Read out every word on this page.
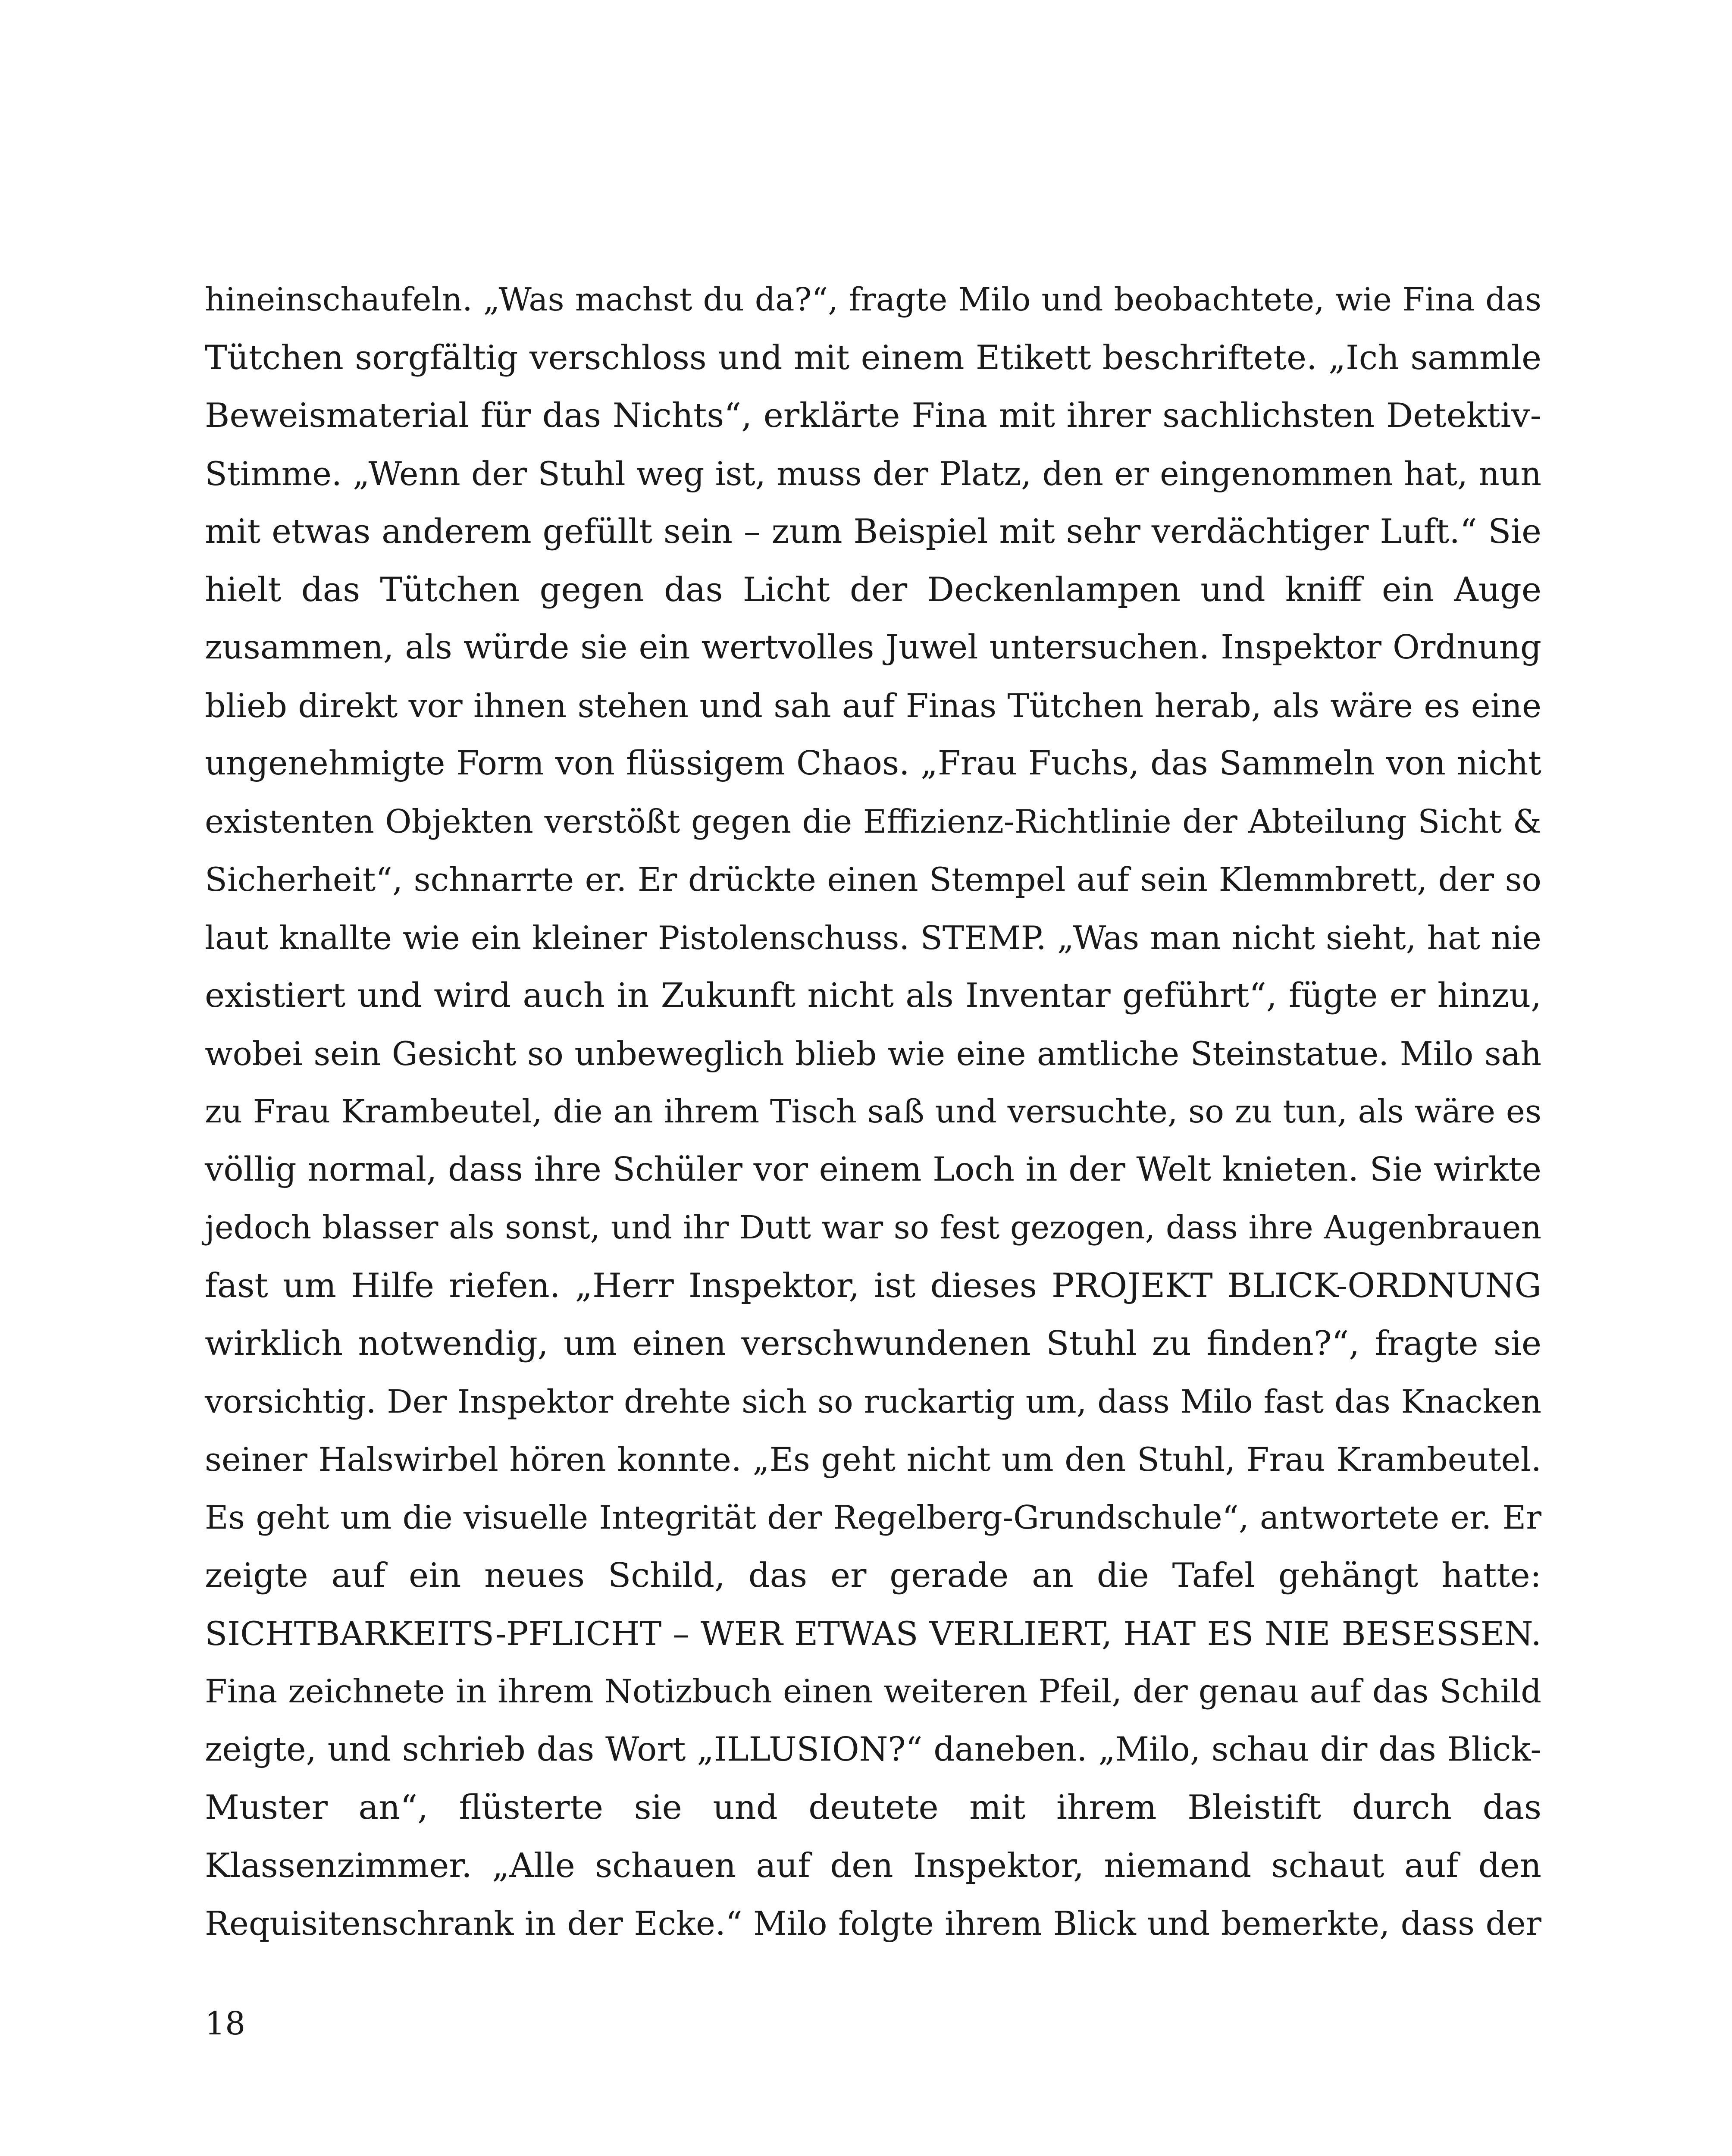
hineinschaufeln. „Was machst du da?“, fragte Milo und beobachtete, wie Fina das
Tütchen sorgfältig verschloss und mit einem Etikett beschriftete. „Ich sammle
Beweismaterial für das Nichts“, erklärte Fina mit ihrer sachlichsten Detektiv-
Stimme. „Wenn der Stuhl weg ist, muss der Platz, den er eingenommen hat, nun
mit etwas anderem gefüllt sein – zum Beispiel mit sehr verdächtiger Luft.“ Sie
hielt das Tütchen gegen das Licht der Deckenlampen und kniff ein Auge
zusammen, als würde sie ein wertvolles Juwel untersuchen. Inspektor Ordnung
blieb direkt vor ihnen stehen und sah auf Finas Tütchen herab, als wäre es eine
ungenehmigte Form von flüssigem Chaos. „Frau Fuchs, das Sammeln von nicht
existenten Objekten verstößt gegen die Effizienz-Richtlinie der Abteilung Sicht &
Sicherheit“, schnarrte er. Er drückte einen Stempel auf sein Klemmbrett, der so
laut knallte wie ein kleiner Pistolenschuss. STEMP. „Was man nicht sieht, hat nie
existiert und wird auch in Zukunft nicht als Inventar geführt“, fügte er hinzu,
wobei sein Gesicht so unbeweglich blieb wie eine amtliche Steinstatue. Milo sah
zu Frau Krambeutel, die an ihrem Tisch saß und versuchte, so zu tun, als wäre es
völlig normal, dass ihre Schüler vor einem Loch in der Welt knieten. Sie wirkte
jedoch blasser als sonst, und ihr Dutt war so fest gezogen, dass ihre Augenbrauen
fast um Hilfe riefen. „Herr Inspektor, ist dieses PROJEKT BLICK-ORDNUNG
wirklich notwendig, um einen verschwundenen Stuhl zu finden?“, fragte sie
vorsichtig. Der Inspektor drehte sich so ruckartig um, dass Milo fast das Knacken
seiner Halswirbel hören konnte. „Es geht nicht um den Stuhl, Frau Krambeutel.
Es geht um die visuelle Integrität der Regelberg-Grundschule“, antwortete er. Er
zeigte auf ein neues Schild, das er gerade an die Tafel gehängt hatte:
SICHTBARKEITS-PFLICHT – WER ETWAS VERLIERT, HAT ES NIE BESESSEN.
Fina zeichnete in ihrem Notizbuch einen weiteren Pfeil, der genau auf das Schild
zeigte, und schrieb das Wort „ILLUSION?“ daneben. „Milo, schau dir das Blick-
Muster an“, flüsterte sie und deutete mit ihrem Bleistift durch das
Klassenzimmer. „Alle schauen auf den Inspektor, niemand schaut auf den
Requisitenschrank in der Ecke.“ Milo folgte ihrem Blick und bemerkte, dass der
18
